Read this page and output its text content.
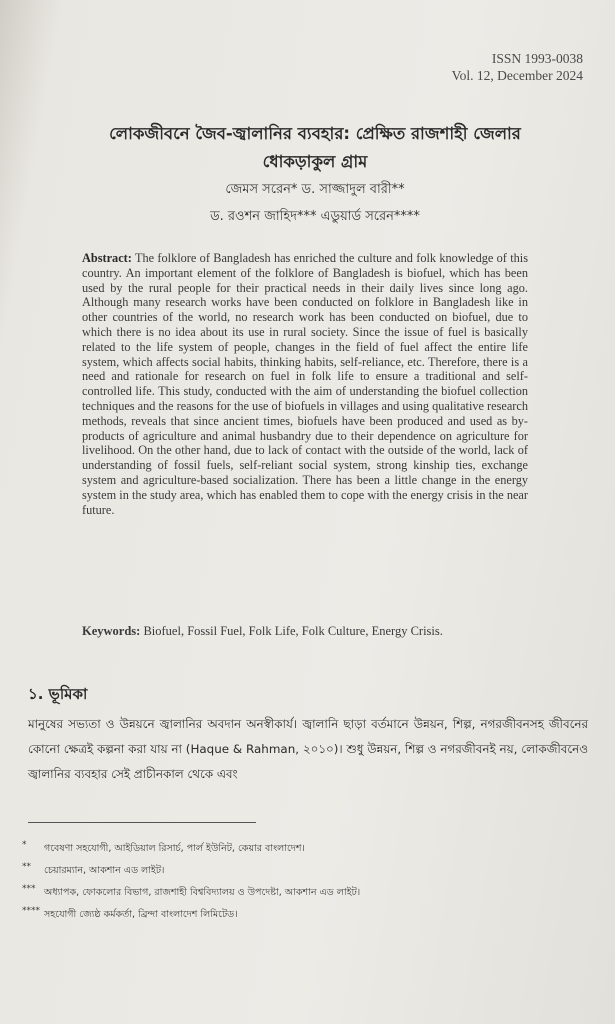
ISSN 1993-0038
Vol. 12, December 2024
লোকজীবনে জৈব-জ্বালানির ব্যবহার: প্রেক্ষিত রাজশাহী জেলার
ধোকড়াকুল গ্রাম
জেমস সরেন* ড. সাজ্জাদুল বারী**
ড. রওশন জাহিদ*** এডুয়ার্ড সরেন****
Abstract: The folklore of Bangladesh has enriched the culture and folk knowledge of this country. An important element of the folklore of Bangladesh is biofuel, which has been used by the rural people for their practical needs in their daily lives since long ago. Although many research works have been conducted on folklore in Bangladesh like in other countries of the world, no research work has been conducted on biofuel, due to which there is no idea about its use in rural society. Since the issue of fuel is basically related to the life system of people, changes in the field of fuel affect the entire life system, which affects social habits, thinking habits, self-reliance, etc. Therefore, there is a need and rationale for research on fuel in folk life to ensure a traditional and self-controlled life. This study, conducted with the aim of understanding the biofuel collection techniques and the reasons for the use of biofuels in villages and using qualitative research methods, reveals that since ancient times, biofuels have been produced and used as by-products of agriculture and animal husbandry due to their dependence on agriculture for livelihood. On the other hand, due to lack of contact with the outside of the world, lack of understanding of fossil fuels, self-reliant social system, strong kinship ties, exchange system and agriculture-based socialization. There has been a little change in the energy system in the study area, which has enabled them to cope with the energy crisis in the near future.
Keywords: Biofuel, Fossil Fuel, Folk Life, Folk Culture, Energy Crisis.
১. ভূমিকা
মানুষের সভ্যতা ও উন্নয়নে জ্বালানির অবদান অনস্বীকার্য। জ্বালানি ছাড়া বর্তমানে উন্নয়ন, শিল্প, নগরজীবনসহ জীবনের কোনো ক্ষেত্রই কল্পনা করা যায় না (Haque & Rahman, ২০১০)। শুধু উন্নয়ন, শিল্প ও নগরজীবনই নয়, লোকজীবনেও জ্বালানির ব্যবহার সেই প্রাচীনকাল থেকে এবং
* গবেষণা সহযোগী, আইডিয়াল রিসার্চ, পার্ল ইউনিট, কেয়ার বাংলাদেশ।
** চেয়ারম্যান, আকশান এড লাইট।
*** অধ্যাপক, ফোকলোর বিভাগ, রাজশাহী বিশ্ববিদ্যালয় ও উপদেষ্টা, আকশান এড লাইট।
**** সহযোগী জ্যেষ্ঠ কর্মকর্তা, ব্রিন্দা বাংলাদেশ লিমিটেড।
